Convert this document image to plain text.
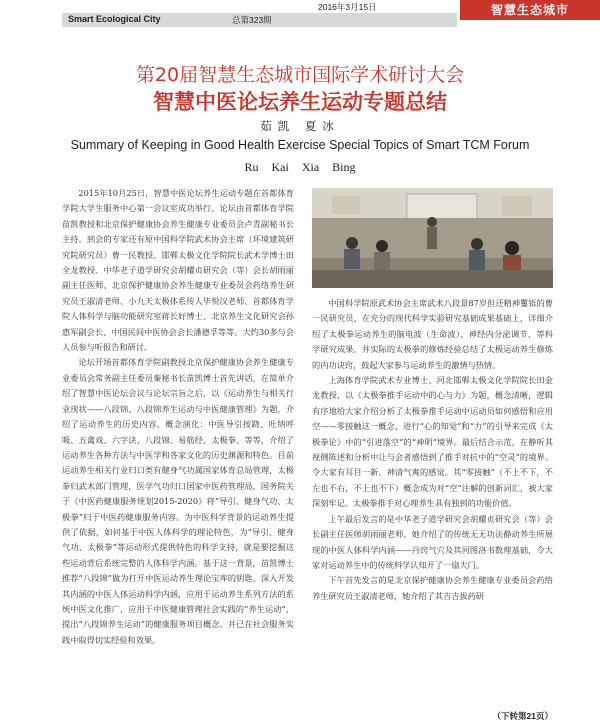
Smart Ecological City	总第323期
2016年3月15日	智慧生态城市
第20届智慧生态城市国际学术研讨大会
智慧中医论坛养生运动专题总结
茹凯 夏冰
Summary of Keeping in Good Health Exercise Special Topics of Smart TCM Forum
Ru Kai Xia Bing

2015年10月25日，智慧中医论坛养生运动专题在首都体育学院大学生服务中心第一会议室成功举行。论坛由首都体育学院苗凯教授和北京保护健康协会养生健康专业委员会卢青副秘书长主持。到会的专家还有原中国科学院武术协会主席（环境建筑研究院研究员）曹一民教授、邯郸太极文化学院院长武术学博士田全龙教授、中华老子道学研究会胡耀贞研究会（等）会长胡雨丽副主任医师、北京保护健康协会养生健康专业委员会药络养生研究员王淑清老师、小九天太极体系传人毕悦汉老师、首都体育学院人体科学与脑功能研究室蒋长好博士、北京养生文化研究会孙惠军副会长、中国民间中医协会会长潘德孚等等。大约30多与会人员参与听报告和研讨。

论坛开场首都体育学院副教授北京保护健康协会养生健康专业委员会常务副主任委员秦秘书长苗凯博士首先讲话，在简单介绍了智慧中医论坛会议与论坛宗旨之后，以《运动养生与相关行业现状——八段锦、八段锦养生运动与中医健康管理》为题，介绍了运动养生的历史内容、概念演化：中医导引按跷、吐纳呼吸、五禽戏、六字诀、八段锦、易筋经、太极拳、等等，介绍了运动养生各种方法与中医学和各家文化的历史渊源和特色。目前运动养生相关行业归口类有健身气功属国家体育总局管理，太极拳归武术部门管理，医学气功归口国家中医药管理局，国务院关于《中医药健康服务规划2015-2020》将“导引、健身气功、太极拳”归于中医药健康服务内容。为中医科学背景的运动养生提供了依据，如何基于中医人体科学的理论特色，为“导引、健身气功、太极拳”等运动形式提供特色的科学支持，就是要挖掘这些运动背后系统完整的人体科学内涵。基于这一背景，苗凯博士推荐“八段锦”做为打开中医运动养生理论宝库的钥匙，深入开发其内涵的中医人体运动科学内涵，应用于运动养生系列方法的系统中医文化推广，应用于中医健康管理社会实践的“养生运动”，提出“八段锦养生运动”的健康服务项目概念。并已在社会服务实践中取得切实经验和效果。

中国科学院原武术协会主席武术八段景87岁但还精神矍铄的曹一民研究员，在充分的现代科学实验研究基础成果基础上，详细介绍了太极拳运动养生的脑电波（生命波）、神经内分泌调节、等科学研究成果，并实际的太极拳的修炼经验总结了太极运动养生修炼的内功诀窍，鼓起大家参与运动养生的激情与热情。

上海体育学院武术专业博士、河北邯郸太极文化学院院长田金龙教授，以《太极拳推手运动中的心与力》为题，概念清晰，逻辑有序地给大家介绍分析了太极拳推手运动中运动员如何感悟和应用空——零接触这一概念，进行“心的知觉”和“力”的引导来完成《太极拳论》中的“引进落空”的“神明”境界。最后结合示范，在静听其视侧陈述和分析中让与会者感悟到了推手对抗中的“空灵”的境界。令大家有耳目一新、神清气爽的感觉。其“零接触”（不上不下，不左也不右，不上也不下）概念成为对“空”注解的创新词汇，被大家深刻牢记。太极拳推手对心理养生具有独到的功能价值。

上午最后发言的是中华老子道学研究会胡耀贞研究会（等）会长副主任医师胡雨丽老师，她介绍了的传统无无功法静动养生所展现的中医人体科学内涵——丹窍气穴及其河图洛书数理基础，令大家对运动养生中的传统科学认知开了一扇大门。

下午首先发言的是北京保护健康协会养生健康专业委员会药络养生研究员王淑清老师，她介绍了其吉吉拔药研

（下转第21页）
